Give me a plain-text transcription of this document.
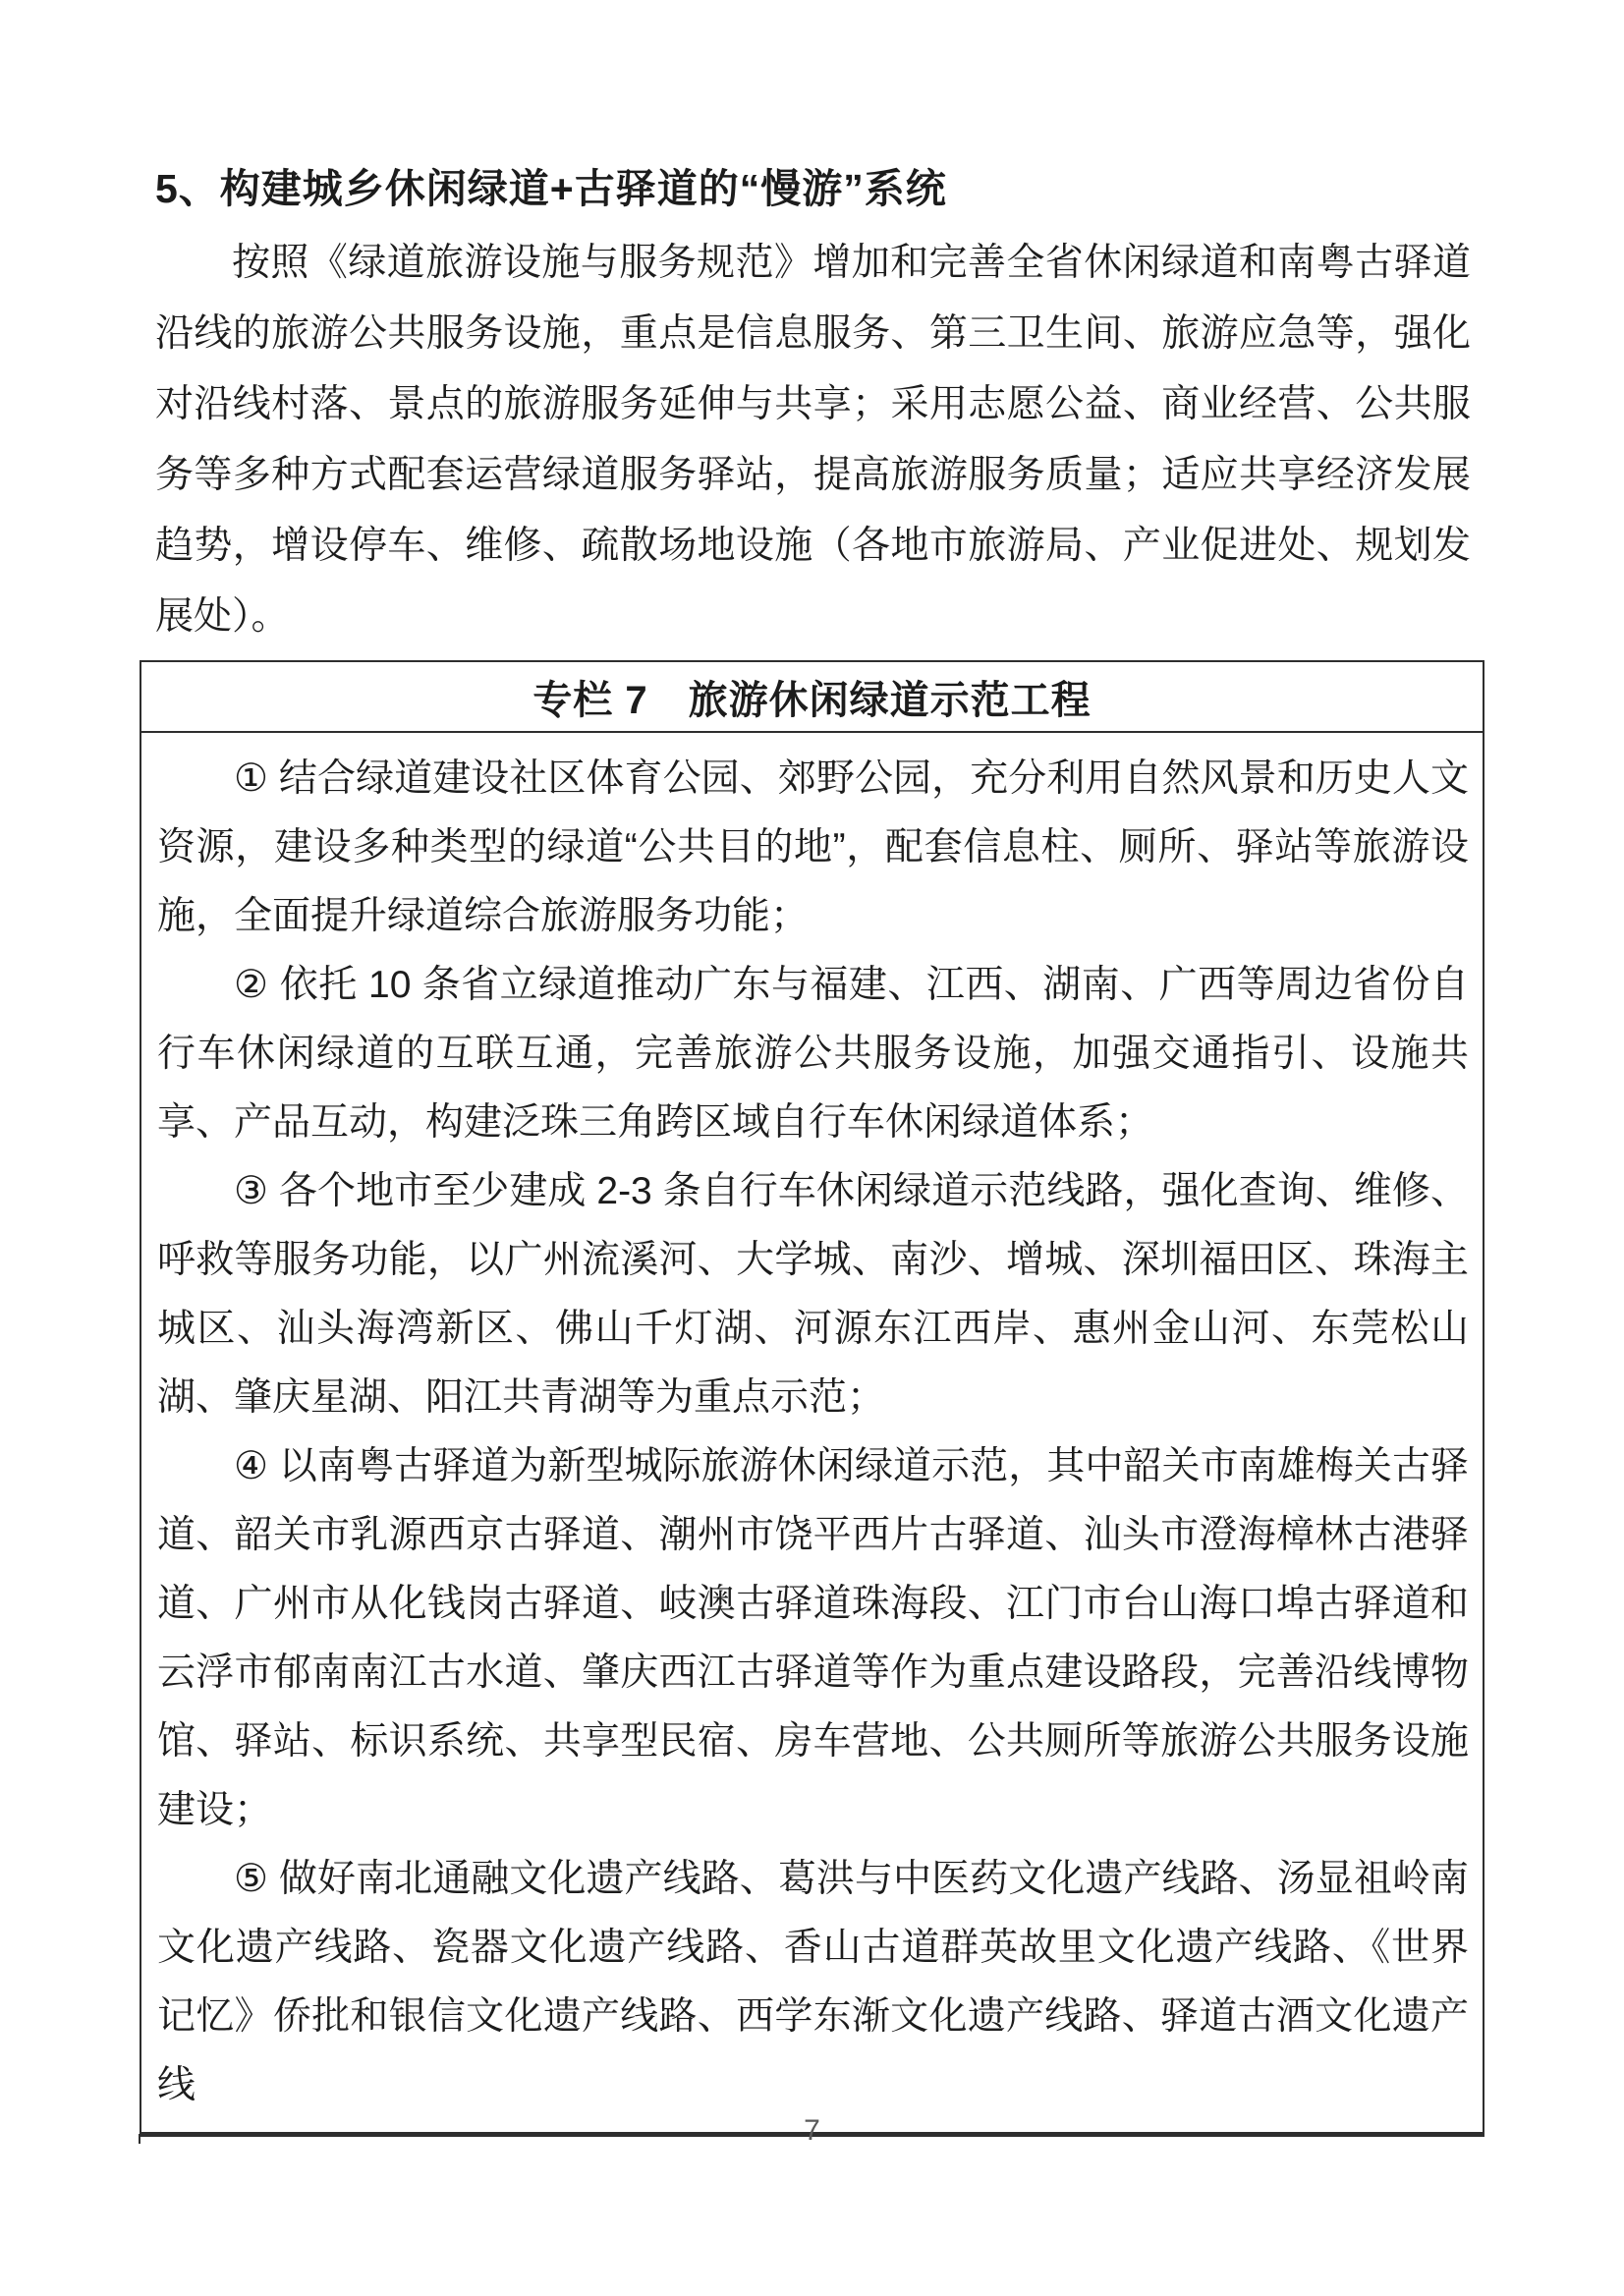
5、构建城乡休闲绿道+古驿道的“慢游”系统
按照《绿道旅游设施与服务规范》增加和完善全省休闲绿道和南粤古驿道沿线的旅游公共服务设施，重点是信息服务、第三卫生间、旅游应急等，强化对沿线村落、景点的旅游服务延伸与共享；采用志愿公益、商业经营、公共服务等多种方式配套运营绿道服务驿站，提高旅游服务质量；适应共享经济发展趋势，增设停车、维修、疏散场地设施（各地市旅游局、产业促进处、规划发展处）。
专栏 7　旅游休闲绿道示范工程
① 结合绿道建设社区体育公园、郊野公园，充分利用自然风景和历史人文资源，建设多种类型的绿道“公共目的地”，配套信息柱、厕所、驿站等旅游设施，全面提升绿道综合旅游服务功能；
② 依托 10 条省立绿道推动广东与福建、江西、湖南、广西等周边省份自行车休闲绿道的互联互通，完善旅游公共服务设施，加强交通指引、设施共享、产品互动，构建泛珠三角跨区域自行车休闲绿道体系；
③ 各个地市至少建成 2-3 条自行车休闲绿道示范线路，强化查询、维修、呼救等服务功能，以广州流溪河、大学城、南沙、增城、深圳福田区、珠海主城区、汕头海湾新区、佛山千灯湖、河源东江西岸、惠州金山河、东莞松山湖、肇庆星湖、阳江共青湖等为重点示范；
④ 以南粤古驿道为新型城际旅游休闲绿道示范，其中韶关市南雄梅关古驿道、韶关市乳源西京古驿道、潮州市饶平西片古驿道、汕头市澄海樟林古港驿道、广州市从化钱岗古驿道、岐澳古驿道珠海段、江门市台山海口埠古驿道和云浮市郁南南江古水道、肇庆西江古驿道等作为重点建设路段，完善沿线博物馆、驿站、标识系统、共享型民宿、房车营地、公共厕所等旅游公共服务设施建设；
⑤ 做好南北通融文化遗产线路、葛洪与中医药文化遗产线路、汤显祖岭南文化遗产线路、瓷器文化遗产线路、香山古道群英故里文化遗产线路、《世界记忆》侨批和银信文化遗产线路、西学东渐文化遗产线路、驿道古酒文化遗产线
7
